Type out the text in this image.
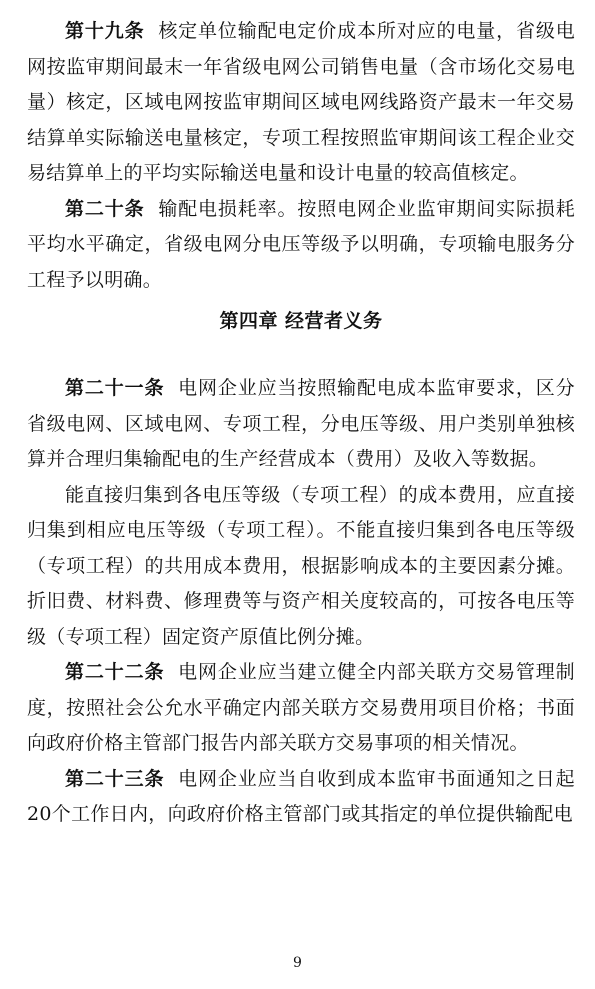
第十九条 核定单位输配电定价成本所对应的电量，省级电网按监审期间最末一年省级电网公司销售电量（含市场化交易电量）核定，区域电网按监审期间区域电网线路资产最末一年交易结算单实际输送电量核定，专项工程按照监审期间该工程企业交易结算单上的平均实际输送电量和设计电量的较高值核定。

第二十条 输配电损耗率。按照电网企业监审期间实际损耗平均水平确定，省级电网分电压等级予以明确，专项输电服务分工程予以明确。

第四章 经营者义务

第二十一条 电网企业应当按照输配电成本监审要求，区分省级电网、区域电网、专项工程，分电压等级、用户类别单独核算并合理归集输配电的生产经营成本（费用）及收入等数据。

能直接归集到各电压等级（专项工程）的成本费用，应直接归集到相应电压等级（专项工程）。不能直接归集到各电压等级（专项工程）的共用成本费用，根据影响成本的主要因素分摊。折旧费、材料费、修理费等与资产相关度较高的，可按各电压等级（专项工程）固定资产原值比例分摊。

第二十二条 电网企业应当建立健全内部关联方交易管理制度，按照社会公允水平确定内部关联方交易费用项目价格；书面向政府价格主管部门报告内部关联方交易事项的相关情况。

第二十三条 电网企业应当自收到成本监审书面通知之日起20个工作日内，向政府价格主管部门或其指定的单位提供输配电

9
